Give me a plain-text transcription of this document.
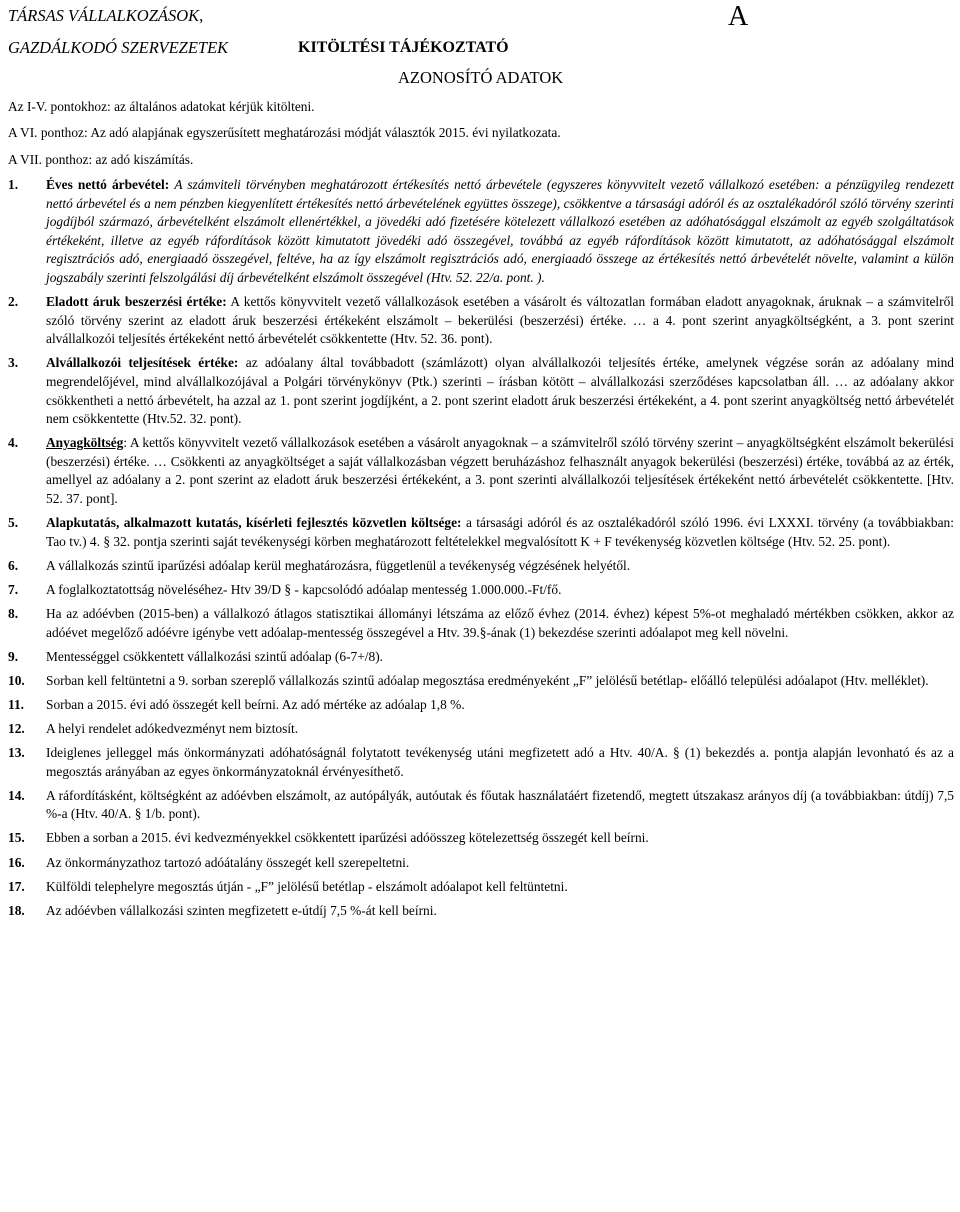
TÁRSAS VÁLLALKOZÁSOK,
GAZDÁLKODÓ SZERVEZETEK	KITÖLTÉSI TÁJÉKOZTATÓ
A
AZONOSÍTÓ ADATOK
Az I-V. pontokhoz: az általános adatokat kérjük kitölteni.
A VI. ponthoz: Az adó alapjának egyszerűsített meghatározási módját választók 2015. évi nyilatkozata.
A VII. ponthoz: az adó kiszámítás.
1. Éves nettó árbevétel: A számviteli törvényben meghatározott értékesítés nettó árbevétele (egyszeres könyvvitelt vezető vállalkozó esetében: a pénzügyileg rendezett nettó árbevétel és a nem pénzben kiegyenlített értékesítés nettó árbevételének együttes összege), csökkentve a társasági adóról és az osztalékadóról szóló törvény szerinti jogdíjból származó, árbevételként elszámolt ellenértékkel, a jövedéki adó fizetésére kötelezett vállalkozó esetében az adóhatósággal elszámolt az egyéb szolgáltatások értékeként, illetve az egyéb ráfordítások között kimutatott jövedéki adó összegével, továbbá az egyéb ráfordítások között kimutatott, az adóhatósággal elszámolt regisztrációs adó, energiaadó összegével, feltéve, ha az így elszámolt regisztrációs adó, energiaadó összege az értékesítés nettó árbevételét növelte, valamint a külön jogszabály szerinti felszolgálási díj árbevételként elszámolt összegével (Htv. 52. 22/a. pont. ).
2. Eladott áruk beszerzési értéke: A kettős könyvvitelt vezető vállalkozások esetében a vásárolt és változatlan formában eladott anyagoknak, áruknak – a számvitelről szóló törvény szerint az eladott áruk beszerzési értékeként elszámolt – bekerülési (beszerzési) értéke. … a 4. pont szerint anyagköltségként, a 3. pont szerint alvállalkozói teljesítés értékeként nettó árbevételét csökkentette (Htv. 52. 36. pont).
3. Alvállalkozói teljesítések értéke: az adóalany által továbbadott (számlázott) olyan alvállalkozói teljesítés értéke, amelynek végzése során az adóalany mind megrendelőjével, mind alvállalkozójával a Polgári törvénykönyv (Ptk.) szerinti – írásban kötött – alvállalkozási szerződéses kapcsolatban áll. … az adóalany akkor csökkentheti a nettó árbevételt, ha azzal az 1. pont szerint jogdíjként, a 2. pont szerint eladott áruk beszerzési értékeként, a 4. pont szerint anyagköltség nettó árbevételét nem csökkentette (Htv.52. 32. pont).
4. Anyagköltség: A kettős könyvvitelt vezető vállalkozások esetében a vásárolt anyagoknak – a számvitelről szóló törvény szerint – anyagköltségként elszámolt bekerülési (beszerzési) értéke. … Csökkenti az anyagköltséget a saját vállalkozásban végzett beruházáshoz felhasznált anyagok bekerülési (beszerzési) értéke, továbbá az az érték, amellyel az adóalany a 2. pont szerint az eladott áruk beszerzési értékeként, a 3. pont szerinti alvállalkozói teljesítések értékeként nettó árbevételét csökkentette. [Htv. 52. 37. pont].
5. Alapkutatás, alkalmazott kutatás, kísérleti fejlesztés közvetlen költsége: a társasági adóról és az osztalékadóról szóló 1996. évi LXXXI. törvény (a továbbiakban: Tao tv.) 4. § 32. pontja szerinti saját tevékenységi körben meghatározott feltételekkel megvalósított K + F tevékenység közvetlen költsége (Htv. 52. 25. pont).
6. A vállalkozás szintű iparűzési adóalap kerül meghatározásra, függetlenül a tevékenység végzésének helyétől.
7. A foglalkoztatottság növeléséhez- Htv 39/D § - kapcsolódó adóalap mentesség 1.000.000.-Ft/fő.
8. Ha az adóévben (2015-ben) a vállalkozó átlagos statisztikai állományi létszáma az előző évhez (2014. évhez) képest 5%-ot meghaladó mértékben csökken, akkor az adóévet megelőző adóévre igénybe vett adóalap-mentesség összegével a Htv. 39.§-ának (1) bekezdése szerinti adóalapot meg kell növelni.
9. Mentességgel csökkentett vállalkozási szintű adóalap (6-7+/8).
10. Sorban kell feltüntetni a 9. sorban szereplő vállalkozás szintű adóalap megosztása eredményeként „F” jelölésű betétlap- előálló települési adóalapot (Htv. melléklet).
11. Sorban a 2015. évi adó összegét kell beírni. Az adó mértéke az adóalap 1,8 %.
12. A helyi rendelet adókedvezményt nem biztosít.
13. Ideiglenes jelleggel más önkormányzati adóhatóságnál folytatott tevékenység utáni megfizetett adó a Htv. 40/A. § (1) bekezdés a. pontja alapján levonható és az a megosztás arányában az egyes önkormányzatoknál érvényesíthető.
14. A ráfordításként, költségként az adóévben elszámolt, az autópályák, autóutak és főutak használatáért fizetendő, megtett útszakasz arányos díj (a továbbiakban: útdíj) 7,5 %-a (Htv. 40/A. § 1/b. pont).
15. Ebben a sorban a 2015. évi kedvezményekkel csökkentett iparűzési adóösszeg kötelezettség összegét kell beírni.
16. Az önkormányzathoz tartozó adóátalány összegét kell szerepeltetni.
17. Külföldi telephelyre megosztás útján - „F” jelölésű betétlap - elszámolt adóalapot kell feltüntetni.
18. Az adóévben vállalkozási szinten megfizetett e-útdíj 7,5 %-át kell beírni.
